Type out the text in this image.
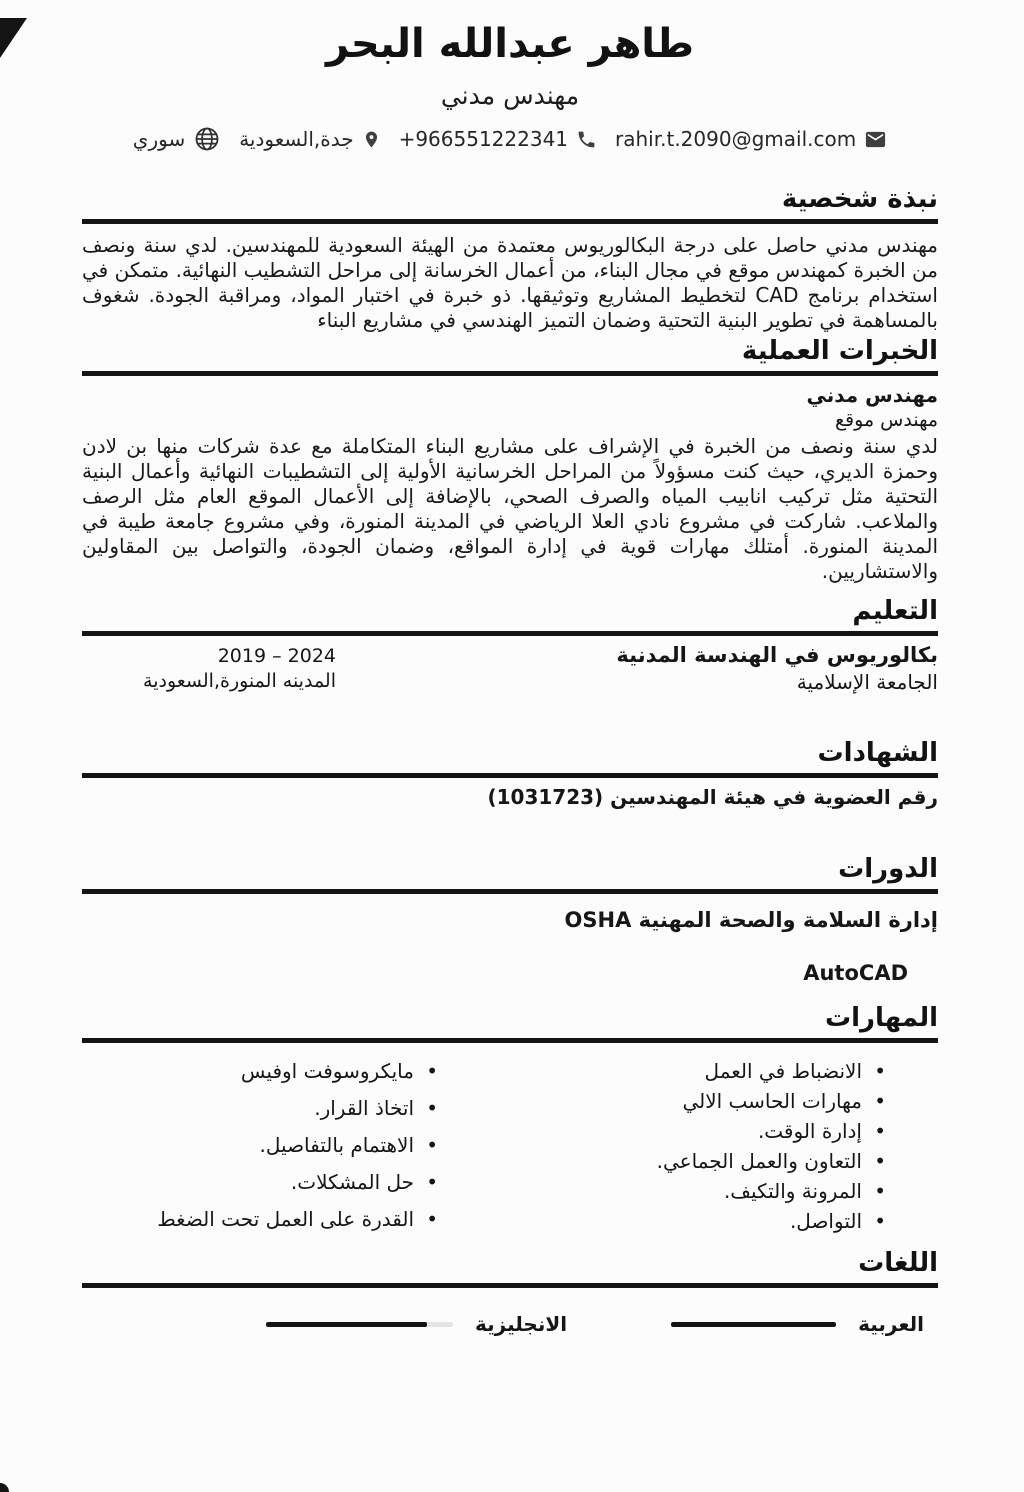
طاهر عبدالله البحر
مهندس مدني
rahir.t.2090@gmail.com
+966551222341
جدة,السعودية
سوري
نبذة شخصية

مهندس مدني حاصل على درجة البكالوريوس معتمدة من الهيئة السعودية للمهندسين. لدي سنة ونصف من الخبرة كمهندس موقع في مجال البناء، من أعمال الخرسانة إلى مراحل التشطيب النهائية. متمكن في استخدام برنامج CAD لتخطيط المشاريع وتوثيقها. ذو خبرة في اختبار المواد، ومراقبة الجودة. شغوف بالمساهمة في تطوير البنية التحتية وضمان التميز الهندسي في مشاريع البناء

الخبرات العملية
مهندس مدني
مهندس موقع

لدي سنة ونصف من الخبرة في الإشراف على مشاريع البناء المتكاملة مع عدة شركات منها بن لادن وحمزة الديري، حيث كنت مسؤولاً من المراحل الخرسانية الأولية إلى التشطيبات النهائية وأعمال البنية التحتية مثل تركيب انابيب المياه والصرف الصحي، بالإضافة إلى الأعمال الموقع العام مثل الرصف والملاعب. شاركت في مشروع نادي العلا الرياضي في المدينة المنورة، وفي مشروع جامعة طيبة في المدينة المنورة. أمتلك مهارات قوية في إدارة المواقع، وضمان الجودة، والتواصل بين المقاولين والاستشاريين.

التعليم
بكالوريوس في الهندسة المدنية
الجامعة الإسلامية
2019 – 2024
المدينه المنورة,السعودية
الشهادات
رقم العضوية في هيئة المهندسين (1031723)
الدورات
إدارة السلامة والصحة المهنية OSHA
AutoCAD
المهارات
• الانضباط في العمل
• مهارات الحاسب الالي
• إدارة الوقت.
• التعاون والعمل الجماعي.
• المرونة والتكيف.
• التواصل.
• مايكروسوفت اوفيس
• اتخاذ القرار.
• الاهتمام بالتفاصيل.
• حل المشكلات.
• القدرة على العمل تحت الضغط
اللغات
العربية
الانجليزية
